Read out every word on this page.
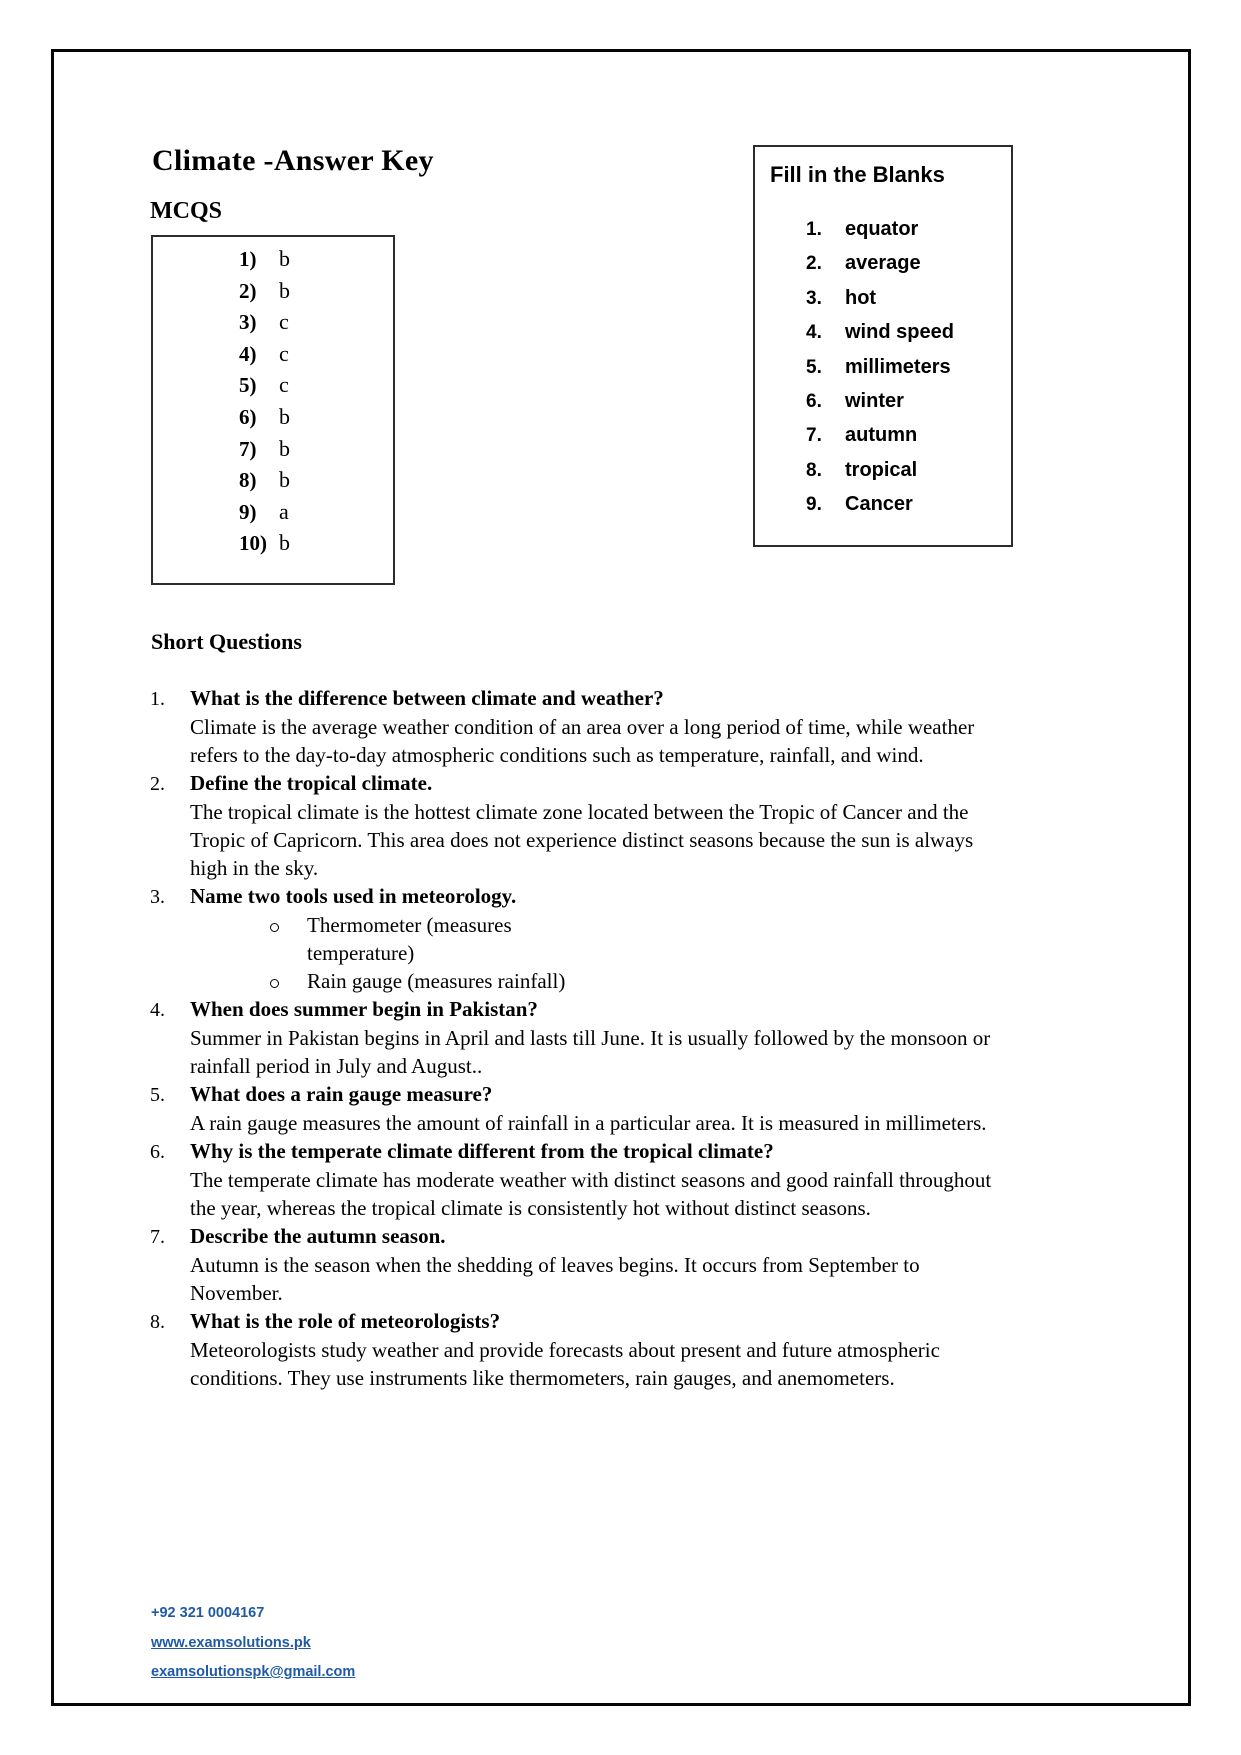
Climate -Answer Key
MCQS
1) b
2) b
3) c
4) c
5) c
6) b
7) b
8) b
9) a
10) b
Fill in the Blanks
1. equator
2. average
3. hot
4. wind speed
5. millimeters
6. winter
7. autumn
8. tropical
9. Cancer
Short Questions
1. What is the difference between climate and weather?
Climate is the average weather condition of an area over a long period of time, while weather
refers to the day-to-day atmospheric conditions such as temperature, rainfall, and wind.
2. Define the tropical climate.
The tropical climate is the hottest climate zone located between the Tropic of Cancer and the
Tropic of Capricorn. This area does not experience distinct seasons because the sun is always
high in the sky.
3. Name two tools used in meteorology.
Thermometer (measures
temperature)
Rain gauge (measures rainfall)
4. When does summer begin in Pakistan?
Summer in Pakistan begins in April and lasts till June. It is usually followed by the monsoon or
rainfall period in July and August..
5. What does a rain gauge measure?
A rain gauge measures the amount of rainfall in a particular area. It is measured in millimeters.
6. Why is the temperate climate different from the tropical climate?
The temperate climate has moderate weather with distinct seasons and good rainfall throughout
the year, whereas the tropical climate is consistently hot without distinct seasons.
7. Describe the autumn season.
Autumn is the season when the shedding of leaves begins. It occurs from September to
November.
8. What is the role of meteorologists?
Meteorologists study weather and provide forecasts about present and future atmospheric
conditions. They use instruments like thermometers, rain gauges, and anemometers.
+92 321 0004167
www.examsolutions.pk
examsolutionspk@gmail.com
